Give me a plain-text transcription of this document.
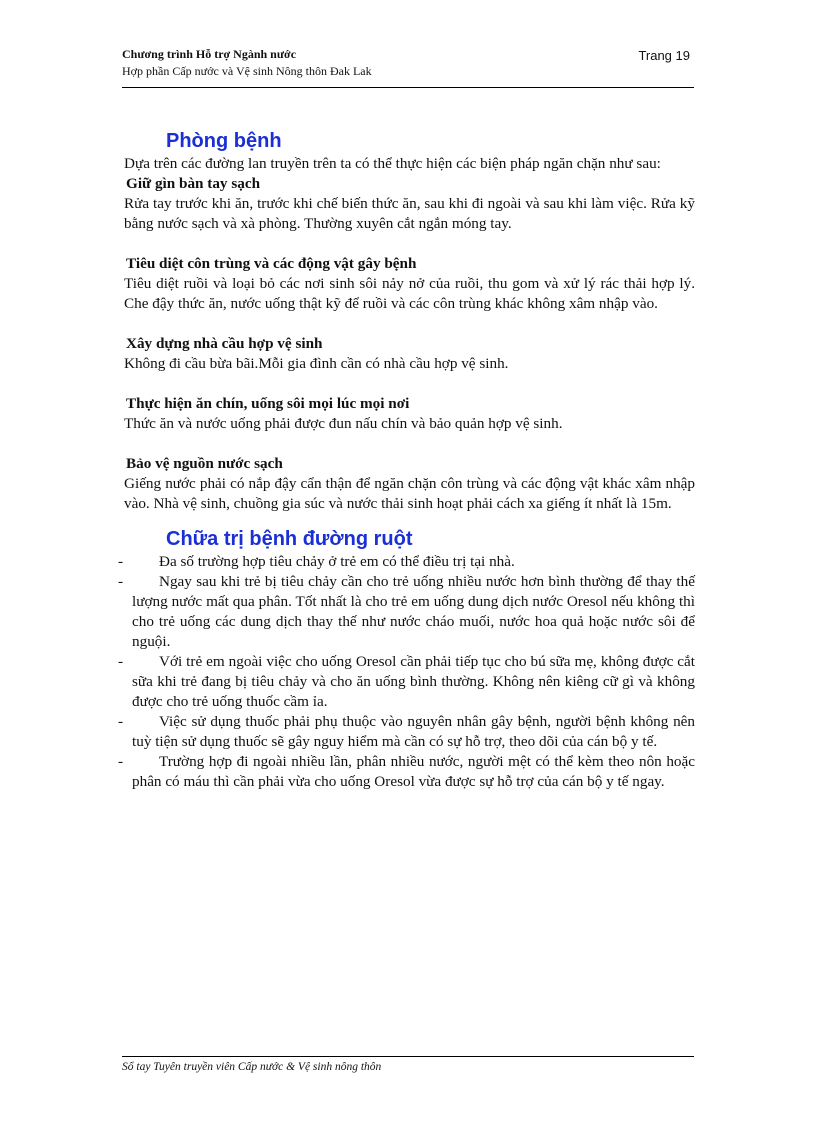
Chương trình Hỗ trợ Ngành nước
Hợp phần Cấp nước và Vệ sinh Nông thôn Đak Lak
Trang 19
Phòng bệnh

Dựa trên các đường lan truyền trên ta có thể thực hiện các biện pháp ngăn chặn như sau:

Giữ gìn bàn tay sạch

Rửa tay trước khi ăn, trước khi chế biến thức ăn, sau khi đi ngoài và sau khi làm việc. Rửa kỹ bằng nước sạch và xà phòng. Thường xuyên cắt ngắn móng tay.

Tiêu diệt côn trùng và các động vật gây bệnh

Tiêu diệt ruồi và loại bỏ các nơi sinh sôi nảy nở của ruồi, thu gom và xử lý rác thải hợp lý. Che đậy thức ăn, nước uống thật kỹ để ruồi và các côn trùng khác không xâm nhập vào.

Xây dựng nhà cầu hợp vệ sinh

Không đi cầu bừa bãi.Mỗi gia đình cần có nhà cầu hợp vệ sinh.

Thực hiện ăn chín, uống sôi mọi lúc mọi nơi

Thức ăn và nước uống phải được đun nấu chín và bảo quản hợp vệ sinh.

Bảo vệ nguồn nước sạch

Giếng nước phải có nắp đậy cẩn thận để ngăn chặn côn trùng và các động vật khác xâm nhập vào. Nhà vệ sinh, chuồng gia súc và nước thải sinh hoạt phải cách xa giếng ít nhất là 15m.

Chữa trị bệnh đường ruột
- Đa số trường hợp tiêu chảy ở trẻ em có thể điều trị tại nhà.
- Ngay sau khi trẻ bị tiêu chảy cần cho trẻ uống nhiều nước hơn bình thường để thay thế lượng nước mất qua phân. Tốt nhất là cho trẻ em uống dung dịch nước Oresol nếu không thì cho trẻ uống các dung dịch thay thế như nước cháo muối, nước hoa quả hoặc nước sôi để nguội.
- Với trẻ em ngoài việc cho uống Oresol cần phải tiếp tục cho bú sữa mẹ, không được cắt sữa khi trẻ đang bị tiêu chảy và cho ăn uống bình thường. Không nên kiêng cữ gì và không được cho trẻ uống thuốc cầm ỉa.
- Việc sử dụng thuốc phải phụ thuộc vào nguyên nhân gây bệnh, người bệnh không nên tuỳ tiện sử dụng thuốc sẽ gây nguy hiểm mà cần có sự hỗ trợ, theo dõi của cán bộ y tế.
- Trường hợp đi ngoài nhiều lần, phân nhiều nước, người mệt có thể kèm theo nôn hoặc phân có máu thì cần phải vừa cho uống Oresol vừa được sự hỗ trợ của cán bộ y tế ngay.
Sổ tay Tuyên truyền viên Cấp nước & Vệ sinh nông thôn
